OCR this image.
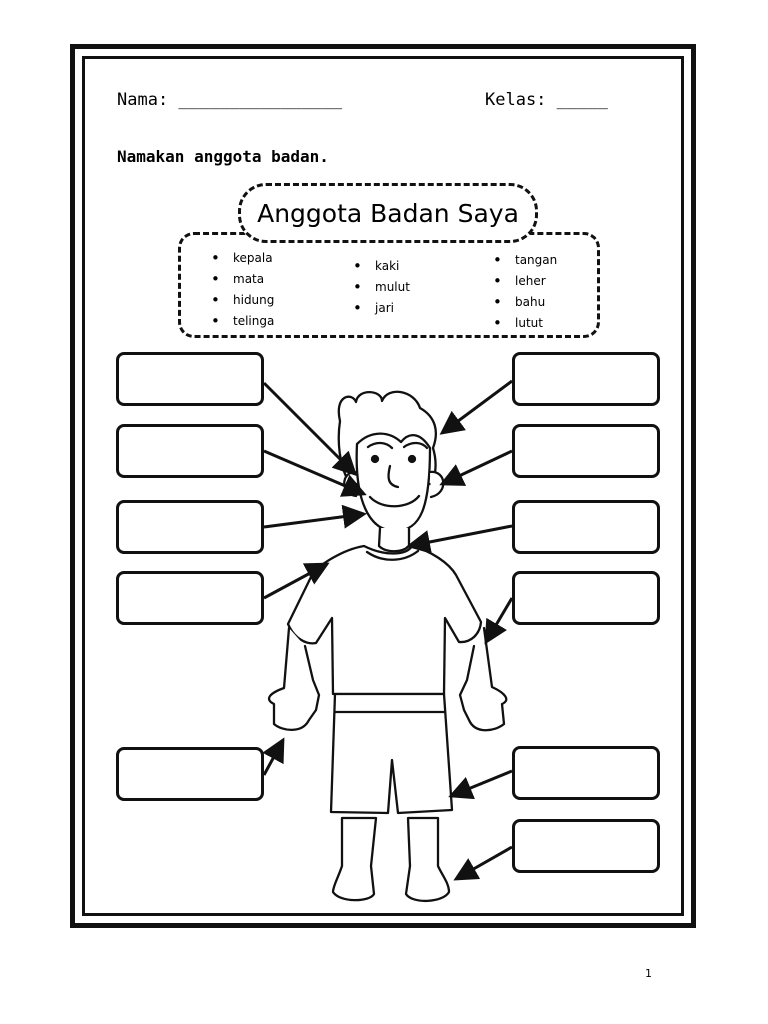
Nama: ________________	Kelas: _____
Namakan anggota badan.
• kepala
• mata
• hidung
• telinga
• kaki
• mulut
• jari
• tangan
• leher
• bahu
• lutut
Anggota Badan Saya
1
